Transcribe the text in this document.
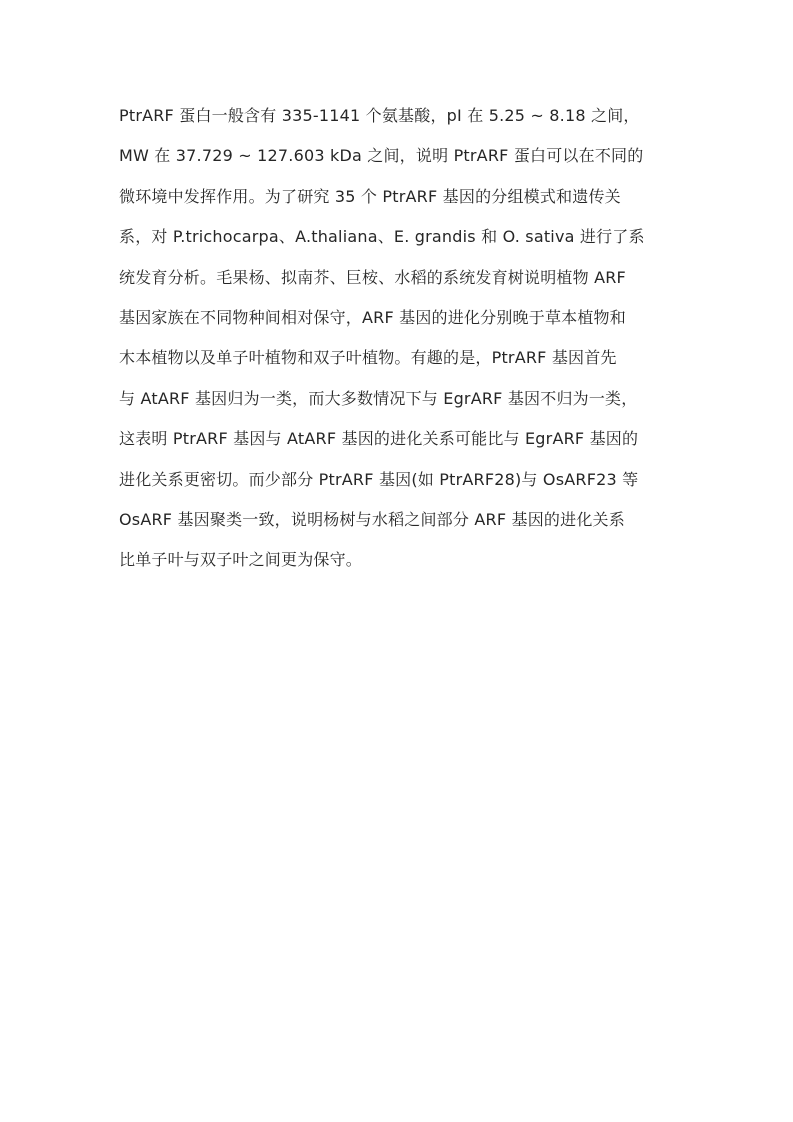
PtrARF 蛋白一般含有 335-1141 个氨基酸，pI 在 5.25 ~ 8.18 之间，
MW 在 37.729 ~ 127.603 kDa 之间，说明 PtrARF 蛋白可以在不同的
微环境中发挥作用。为了研究 35 个 PtrARF 基因的分组模式和遗传关
系，对 P.trichocarpa、A.thaliana、E. grandis 和 O. sativa 进行了系
统发育分析。毛果杨、拟南芥、巨桉、水稻的系统发育树说明植物 ARF
基因家族在不同物种间相对保守，ARF 基因的进化分别晚于草本植物和
木本植物以及单子叶植物和双子叶植物。有趣的是，PtrARF 基因首先
与 AtARF 基因归为一类，而大多数情况下与 EgrARF 基因不归为一类，
这表明 PtrARF 基因与 AtARF 基因的进化关系可能比与 EgrARF 基因的
进化关系更密切。而少部分 PtrARF 基因(如 PtrARF28)与 OsARF23 等
OsARF 基因聚类一致，说明杨树与水稻之间部分 ARF 基因的进化关系
比单子叶与双子叶之间更为保守。
